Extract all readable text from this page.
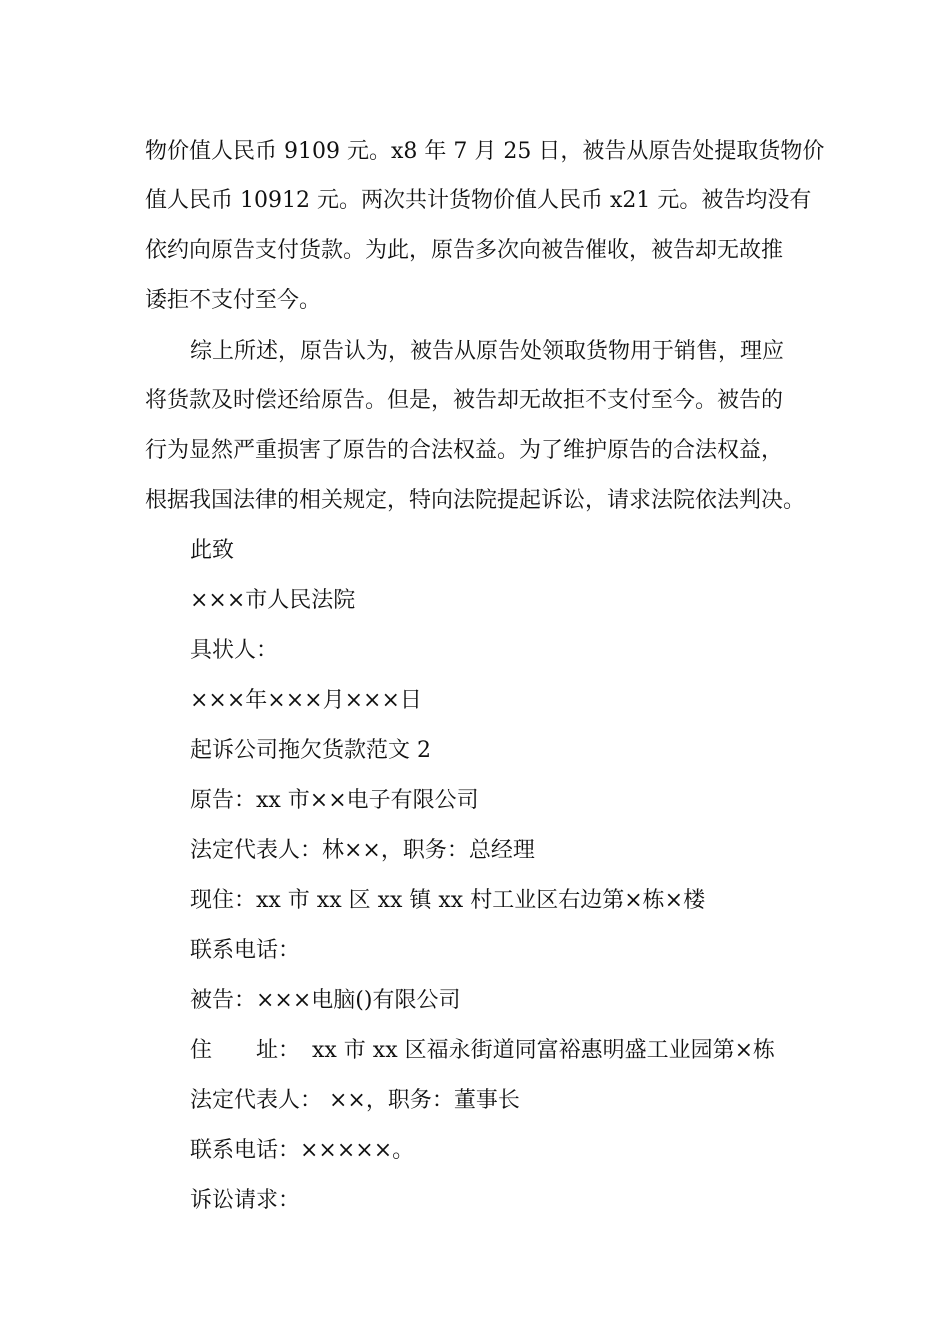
物价值人民币 9109 元。x8 年 7 月 25 日，被告从原告处提取货物价
值人民币 10912 元。两次共计货物价值人民币 x21 元。被告均没有
依约向原告支付货款。为此，原告多次向被告催收，被告却无故推
诿拒不支付至今。
综上所述，原告认为，被告从原告处领取货物用于销售，理应
将货款及时偿还给原告。但是，被告却无故拒不支付至今。被告的
行为显然严重损害了原告的合法权益。为了维护原告的合法权益，
根据我国法律的相关规定，特向法院提起诉讼，请求法院依法判决。
此致
×××市人民法院
具状人：
×××年×××月×××日
起诉公司拖欠货款范文 2
原告：xx 市××电子有限公司
法定代表人：林××，职务：总经理
现住：xx 市 xx 区 xx 镇 xx 村工业区右边第×栋×楼
联系电话：
被告：×××电脑()有限公司
住 址： xx 市 xx 区福永街道同富裕惠明盛工业园第×栋
法定代表人： ××，职务：董事长
联系电话：×××××。
诉讼请求：
